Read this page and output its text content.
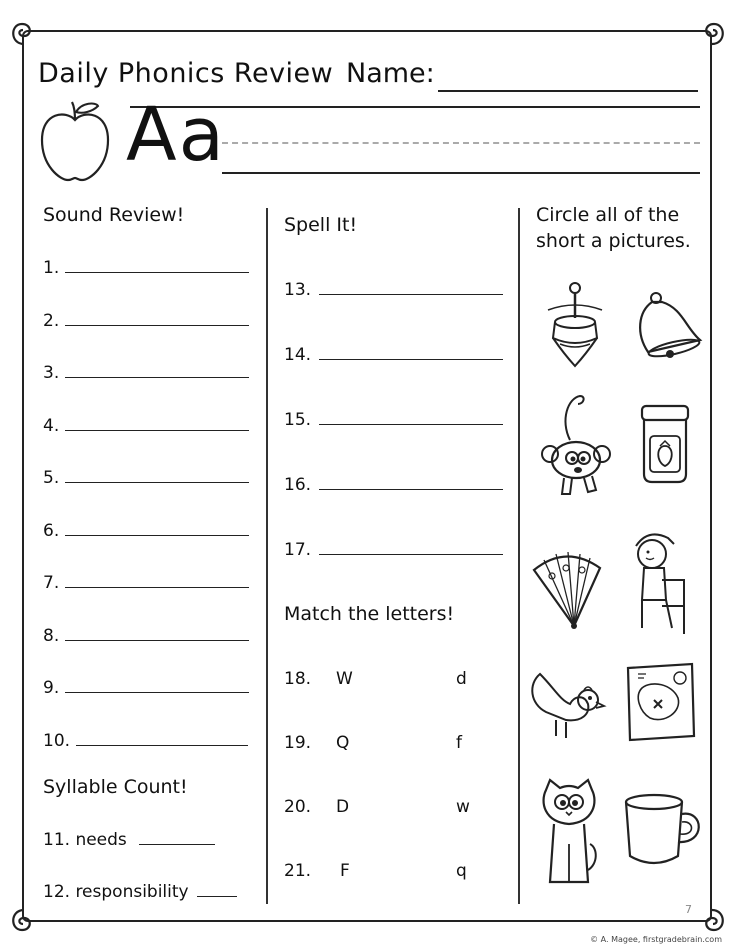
Daily Phonics Review Name:
Aa
Sound Review!
1.
2.
3.
4.
5.
6.
7.
8.
9.
10.
Syllable Count!
11. needs
12. responsibility
Spell It!
13.
14.
15.
16.
17.
Match the letters!
18. W	d
19. Q	f
20. D	w
21. F	q
Circle all of the
short a pictures.
7
© A. Magee, firstgradebrain.com
